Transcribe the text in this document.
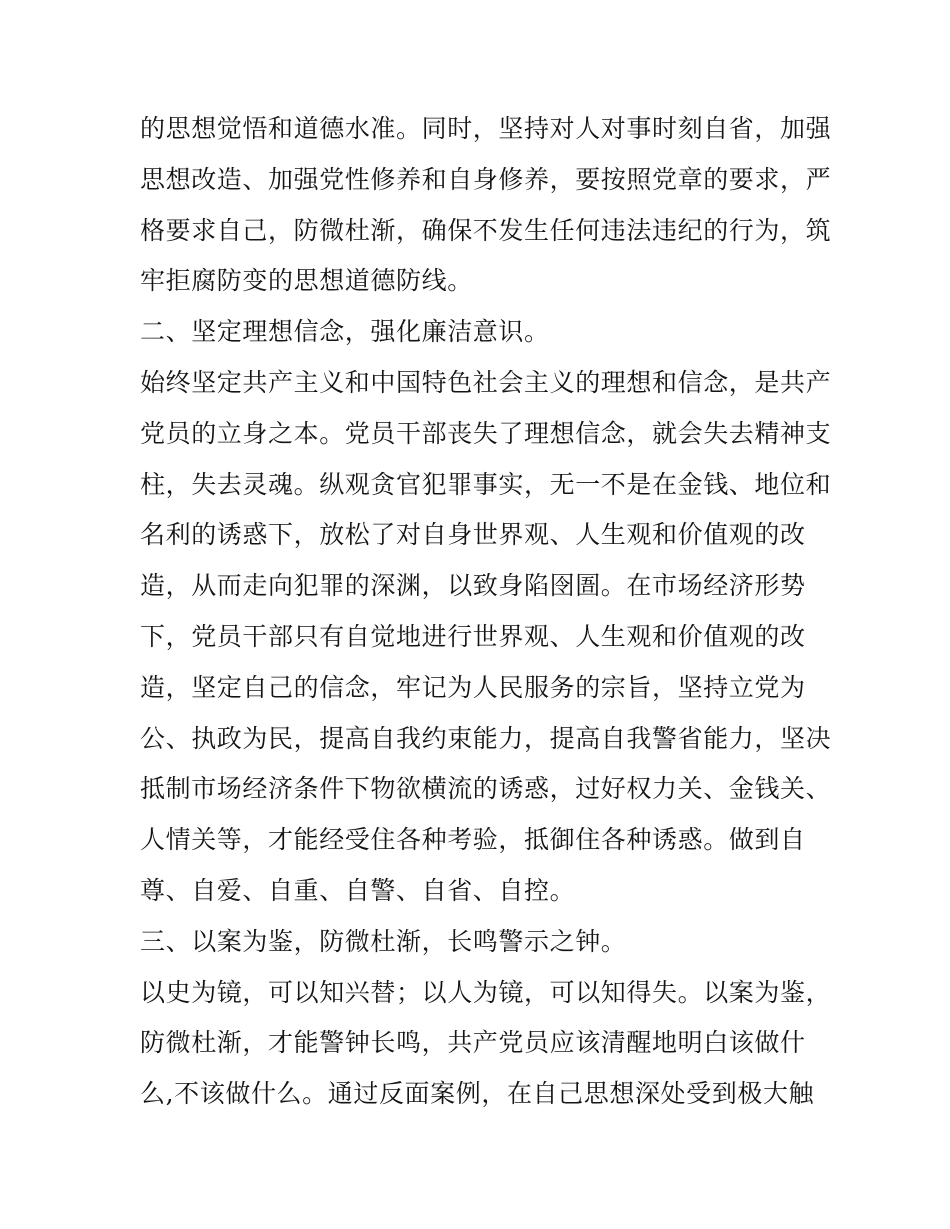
的思想觉悟和道德水准。同时，坚持对人对事时刻自省，加强
思想改造、加强党性修养和自身修养，要按照党章的要求，严
格要求自己，防微杜渐，确保不发生任何违法违纪的行为，筑
牢拒腐防变的思想道德防线。
二、坚定理想信念，强化廉洁意识。
始终坚定共产主义和中国特色社会主义的理想和信念，是共产
党员的立身之本。党员干部丧失了理想信念，就会失去精神支
柱，失去灵魂。纵观贪官犯罪事实，无一不是在金钱、地位和
名利的诱惑下，放松了对自身世界观、人生观和价值观的改
造，从而走向犯罪的深渊，以致身陷囹圄。在市场经济形势
下，党员干部只有自觉地进行世界观、人生观和价值观的改
造，坚定自己的信念，牢记为人民服务的宗旨，坚持立党为
公、执政为民，提高自我约束能力，提高自我警省能力，坚决
抵制市场经济条件下物欲横流的诱惑，过好权力关、金钱关、
人情关等，才能经受住各种考验，抵御住各种诱惑。做到自
尊、自爱、自重、自警、自省、自控。
三、以案为鉴，防微杜渐，长鸣警示之钟。
以史为镜，可以知兴替；以人为镜，可以知得失。以案为鉴，
防微杜渐，才能警钟长鸣，共产党员应该清醒地明白该做什
么,不该做什么。通过反面案例，在自己思想深处受到极大触
